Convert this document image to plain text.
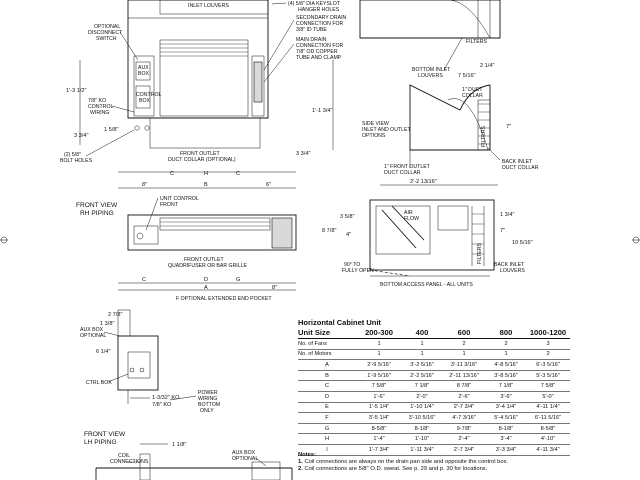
INLET LOUVERS	(4) 5/8" DIA KEYSLOT
HANGER HOLES
OPTIONAL
DISCONNECT
SWITCH
AUX
BOX
CONTROL
BOX
SECONDARY DRAIN
CONNECTION FOR
3/8" ID TUBE
MAIN DRAIN
CONNECTION FOR
7/8" OD COPPER
TUBE AND CLAMP
7/8" KO
CONTROL
WIRING
(2) 5/8"
BOLT HOLES
FRONT OUTLET
DUCT COLLAR (OPTIONAL)
1'-3 1/2"
1'-1 3/4"
3 3/4"
1 5/8"
3 3/4"
C	H	C
8"	B	6"
FILTERS
BOTTOM INLET
LOUVERS
2 1/4"
7 5/16"
1" DUCT
COLLAR
SIDE VIEW
INLET AND OUTLET
OPTIONS	FILTERS	7"
1" FRONT OUTLET
DUCT COLLAR
BACK INLET
DUCT COLLAR
2'-2 13/16"
FRONT VIEW
RH PIPING
UNIT CONTROL
FRONT
3 5/8"
8 7/8"
4"
FRONT OUTLET
QUADRIFUSER OR BAR GRILLE
C	D	G
A	8"
F OPTIONAL EXTENDED END POCKET
AIR
FLOW
FILTERS
1 3/4"
7"
10 5/16"
90° TO
FULLY OPEN
BACK INLET
LOUVERS
BOTTOM ACCESS PANEL - ALL UNITS
2 7/8"
1 3/8"
AUX BOX
OPTIONAL
6 1/4"
CTRL BOX
1-3/32" KO
7/8" KO
POWER
WIRING
BOTTOM
ONLY
FRONT VIEW
LH PIPING	1 1/8"
COIL
CONNECTIONS
AUX BOX
OPTIONAL
Horizontal Cabinet Unit
Unit Size	200-300	400	600	800	1000-1200
No. of Fans	1	1	2	2	3
No. of Motors	1	1	1	1	2
A	2'-9 5/16"	3'-2 5/16"	3'-11 3/16"	4'-8 5/16"	6'-3 5/16"
B	1'-9 5/16"	2'-2 5/16"	2'-11 13/16"	3'-8 5/16"	5'-3 5/16"
C	7 5/8"	7 1/8"	8 7/8"	7 1/8"	7 5/8"
D	1'-6"	2'-0"	2'-6"	3'-6"	5'-0"
E	1'-5 1/4"	1'-10 1/4"	2'-7 3/4"	3'-4 1/4"	4'-11 1/4"
F	3'-5 1/4"	3'-10 5/16"	4'-7 3/16"	5'-4 5/16"	6'-11 5/16"
G	8-5/8"	8-1/8"	9-7/8"	8-1/8"	8-5/8"
H	1'-4"	1'-10"	2'-4"	3'-4"	4'-10"
I	1'-7 3/4"	1'-11 3/4"	2'-7 3/4"	3'-3 3/4"	4'-11 3/4"
Notes:
1. Coil connections are always on the drain pan side and opposite the control box.
2. Coil connections are 5/8" O.D. sweat. See p. 29 and p. 30 for locations.
